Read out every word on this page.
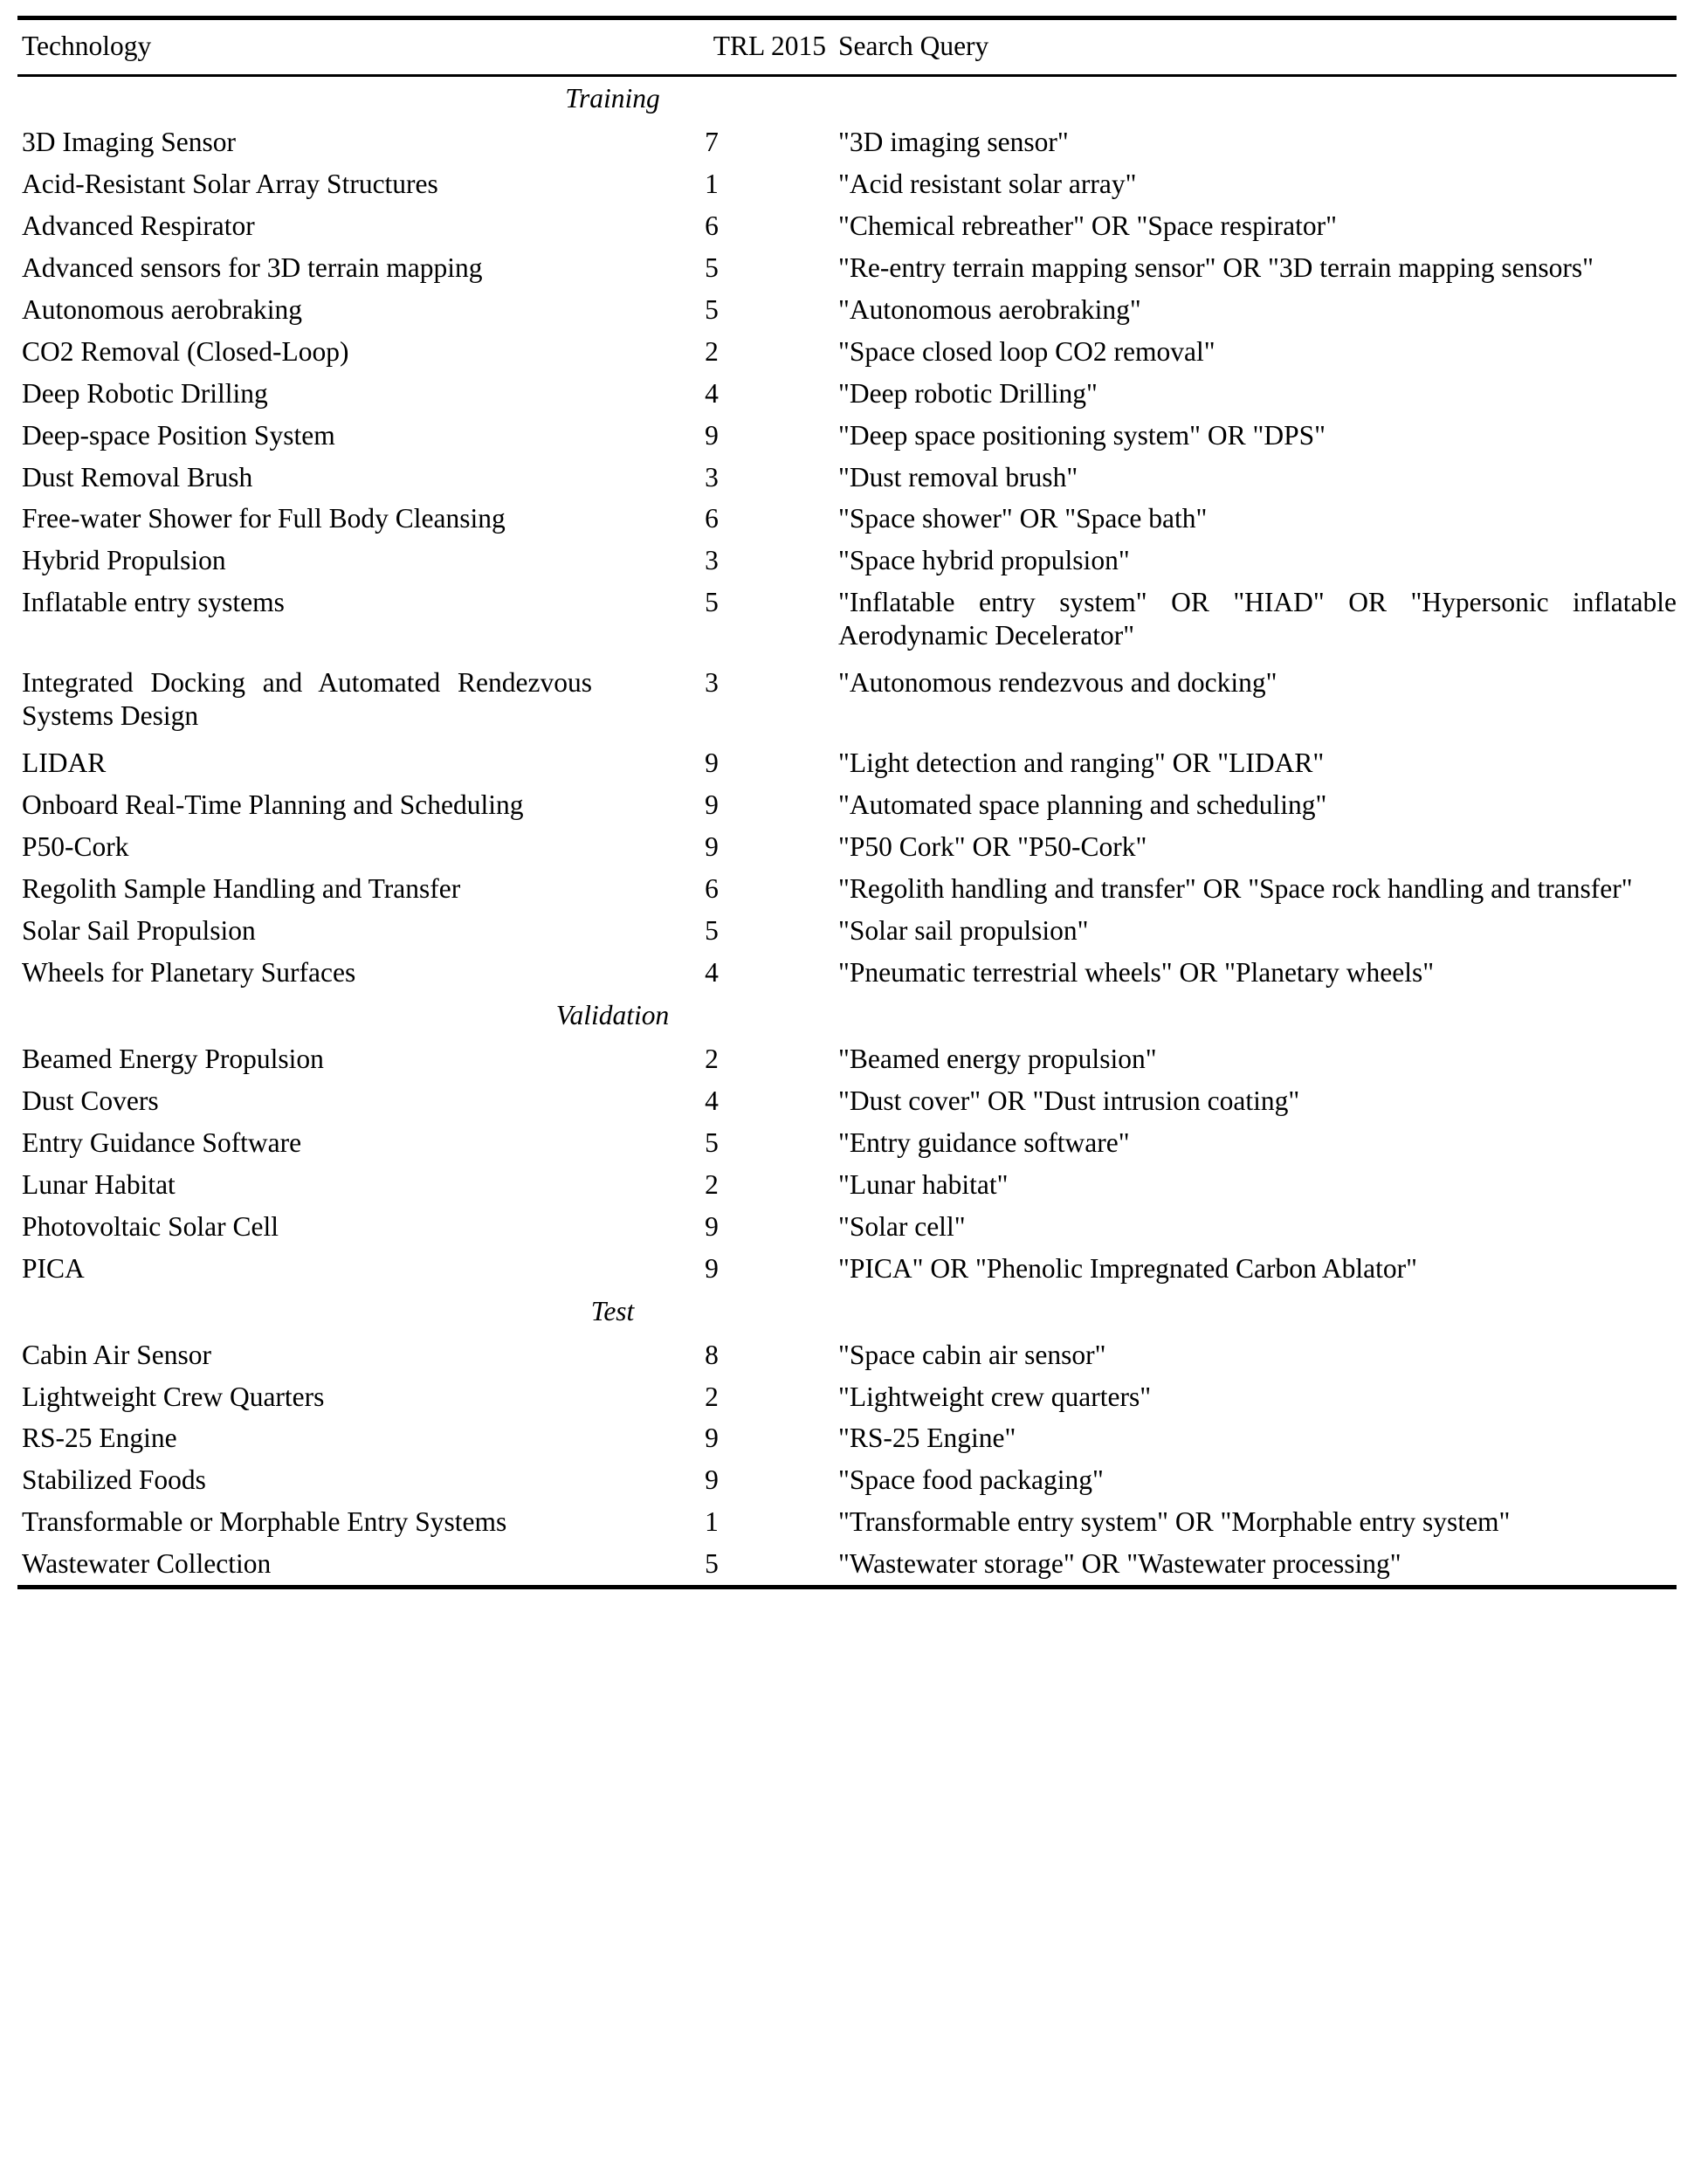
Technology	TRL 2015	Search Query

Training		

3D Imaging Sensor	7	"3D imaging sensor"
Acid-Resistant Solar Array Structures	1	"Acid resistant solar array"
Advanced Respirator	6	"Chemical rebreather" OR "Space respirator"
Advanced sensors for 3D terrain mapping	5	"Re-entry terrain mapping sensor" OR "3D terrain mapping sensors"
Autonomous aerobraking	5	"Autonomous aerobraking"
CO2 Removal (Closed-Loop)	2	"Space closed loop CO2 removal"
Deep Robotic Drilling	4	"Deep robotic Drilling"
Deep-space Position System	9	"Deep space positioning system" OR "DPS"
Dust Removal Brush	3	"Dust removal brush"
Free-water Shower for Full Body Cleansing	6	"Space shower" OR "Space bath"
Hybrid Propulsion	3	"Space hybrid propulsion"
Inflatable entry systems	5	"Inflatable entry system" OR "HIAD" OR "Hypersonic inflatable Aerodynamic Decelerator"
Integrated Docking and Automated Rendezvous Systems Design	3	"Autonomous rendezvous and docking"
LIDAR	9	"Light detection and ranging" OR "LIDAR"
Onboard Real-Time Planning and Scheduling	9	"Automated space planning and scheduling"
P50-Cork	9	"P50 Cork" OR "P50-Cork"
Regolith Sample Handling and Transfer	6	"Regolith handling and transfer" OR "Space rock handling and transfer"
Solar Sail Propulsion	5	"Solar sail propulsion"
Wheels for Planetary Surfaces	4	"Pneumatic terrestrial wheels" OR "Planetary wheels"

Validation		

Beamed Energy Propulsion	2	"Beamed energy propulsion"
Dust Covers	4	"Dust cover" OR "Dust intrusion coating"
Entry Guidance Software	5	"Entry guidance software"
Lunar Habitat	2	"Lunar habitat"
Photovoltaic Solar Cell	9	"Solar cell"
PICA	9	"PICA" OR "Phenolic Impregnated Carbon Ablator"

Test		

Cabin Air Sensor	8	"Space cabin air sensor"
Lightweight Crew Quarters	2	"Lightweight crew quarters"
RS-25 Engine	9	"RS-25 Engine"
Stabilized Foods	9	"Space food packaging"
Transformable or Morphable Entry Systems	1	"Transformable entry system" OR "Morphable entry system"
Wastewater Collection	5	"Wastewater storage" OR "Wastewater processing"
